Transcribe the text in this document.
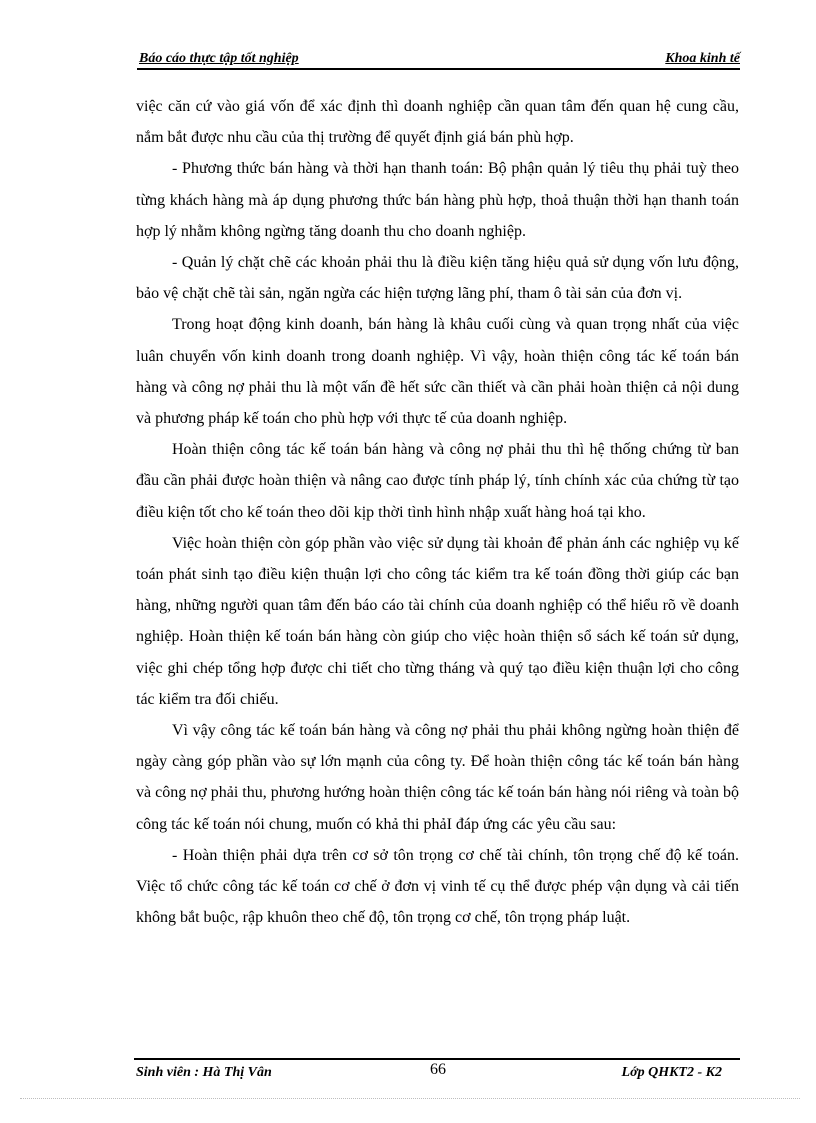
Báo cáo thực tập tốt nghiệp	Khoa kinh tế

việc căn cứ vào giá vốn để xác định thì doanh nghiệp cần quan tâm đến quan hệ cung cầu, nắm bắt được nhu cầu của thị trường để quyết định giá bán phù hợp.

- Phương thức bán hàng và thời hạn thanh toán: Bộ phận quản lý tiêu thụ phải tuỳ theo từng khách hàng mà áp dụng phương thức bán hàng phù hợp, thoả thuận thời hạn thanh toán hợp lý nhằm không ngừng tăng doanh thu cho doanh nghiệp.

- Quản lý chặt chẽ các khoản phải thu là điều kiện tăng hiệu quả sử dụng vốn lưu động, bảo vệ chặt chẽ tài sản, ngăn ngừa các hiện tượng lãng phí, tham ô tài sản của đơn vị.

Trong hoạt động kinh doanh, bán hàng là khâu cuối cùng và quan trọng nhất của việc luân chuyển vốn kinh doanh trong doanh nghiệp. Vì vậy, hoàn thiện công tác kế toán bán hàng và công nợ phải thu là một vấn đề hết sức cần thiết và cần phải hoàn thiện cả nội dung và phương pháp kế toán cho phù hợp với thực tế của doanh nghiệp.

Hoàn thiện công tác kế toán bán hàng và công nợ phải thu thì hệ thống chứng từ ban đầu cần phải được hoàn thiện và nâng cao được tính pháp lý, tính chính xác của chứng từ tạo điều kiện tốt cho kế toán theo dõi kịp thời tình hình nhập xuất hàng hoá tại kho.

Việc hoàn thiện còn góp phần vào việc sử dụng tài khoản để phản ánh các nghiệp vụ kế toán phát sinh tạo điều kiện thuận lợi cho công tác kiểm tra kế toán đồng thời giúp các bạn hàng, những người quan tâm đến báo cáo tài chính của doanh nghiệp có thể hiểu rõ về doanh nghiệp. Hoàn thiện kế toán bán hàng còn giúp cho việc hoàn thiện sổ sách kế toán sử dụng, việc ghi chép tổng hợp được chi tiết cho từng tháng và quý tạo điều kiện thuận lợi cho công tác kiểm tra đối chiếu.

Vì vậy công tác kế toán bán hàng và công nợ phải thu phải không ngừng hoàn thiện để ngày càng góp phần vào sự lớn mạnh của công ty. Để hoàn thiện công tác kế toán bán hàng và công nợ phải thu, phương hướng hoàn thiện công tác kế toán bán hàng nói riêng và toàn bộ công tác kế toán nói chung, muốn có khả thi phảI đáp ứng các yêu cầu sau:

- Hoàn thiện phải dựa trên cơ sở tôn trọng cơ chế tài chính, tôn trọng chế độ kế toán. Việc tổ chức công tác kế toán cơ chế ở đơn vị vinh tế cụ thể được phép vận dụng và cải tiến không bắt buộc, rập khuôn theo chế độ, tôn trọng cơ chế, tôn trọng pháp luật.

Sinh viên : Hà Thị Vân	66	Lớp QHKT2 - K2
